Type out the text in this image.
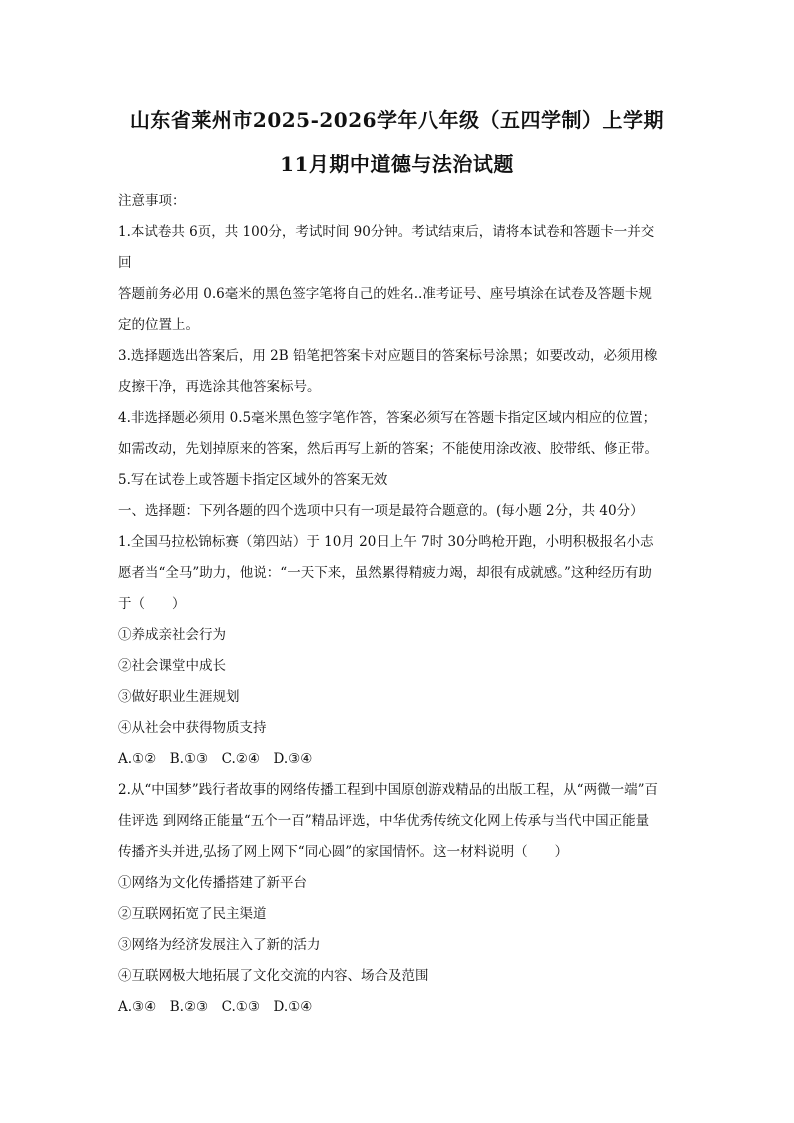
山东省莱州市2025-2026学年八年级（五四学制）上学期
11月期中道德与法治试题
注意事项：
1.本试卷共 6页，共 100分，考试时间 90分钟。考试结束后，请将本试卷和答题卡一并交
回
答题前务必用 0.6毫米的黑色签字笔将自己的姓名..准考证号、座号填涂在试卷及答题卡规
定的位置上。
3.选择题选出答案后，用 2B 铅笔把答案卡对应题目的答案标号涂黑；如要改动，必须用橡
皮擦干净，再选涂其他答案标号。
4.非选择题必须用 0.5毫米黑色签字笔作答，答案必须写在答题卡指定区域内相应的位置；
如需改动，先划掉原来的答案，然后再写上新的答案；不能使用涂改液、胶带纸、修正带。
5.写在试卷上或答题卡指定区域外的答案无效
一、选择题：下列各题的四个选项中只有一项是最符合题意的。(每小题 2分，共 40分）
1.全国马拉松锦标赛（第四站）于 10月 20日上午 7时 30分鸣枪开跑，小明积极报名小志
愿者当“全马”助力，他说：“一天下来，虽然累得精疲力竭，却很有成就感。”这种经历有助
于（　　）
①养成亲社会行为
②社会课堂中成长
③做好职业生涯规划
④从社会中获得物质支持
A.①②　B.①③　C.②④　D.③④
2.从“中国梦”践行者故事的网络传播工程到中国原创游戏精品的出版工程，从“两微一端”百
佳评选 到网络正能量“五个一百”精品评选，中华优秀传统文化网上传承与当代中国正能量
传播齐头并进,弘扬了网上网下“同心圆”的家国情怀。这一材料说明（　　）
①网络为文化传播搭建了新平台
②互联网拓宽了民主渠道
③网络为经济发展注入了新的活力
④互联网极大地拓展了文化交流的内容、场合及范围
A.③④　B.②③　C.①③　D.①④
